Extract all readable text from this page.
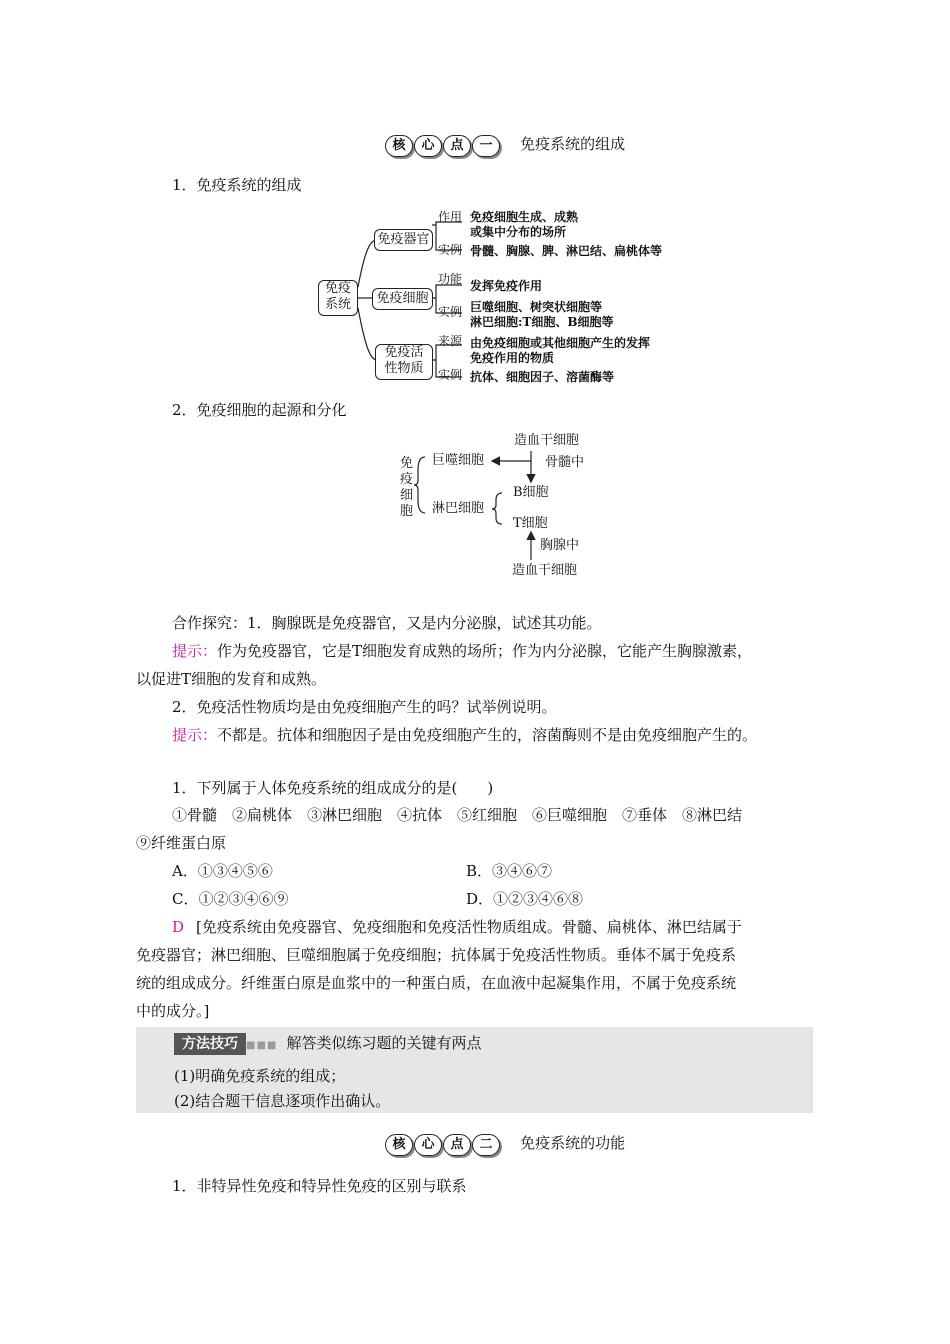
核 心 点 一 免疫系统的组成
1．免疫系统的组成
免疫
系统
免疫器官
免疫细胞
免疫活
性物质
作用 免疫细胞生成、成熟
或集中分布的场所
实例 骨髓、胸腺、脾、淋巴结、扁桃体等
功能 发挥免疫作用
实例 巨噬细胞、树突状细胞等
淋巴细胞:T细胞、B细胞等
来源 由免疫细胞或其他细胞产生的发挥
免疫作用的物质
实例 抗体、细胞因子、溶菌酶等
2．免疫细胞的起源和分化
免
疫
细
胞
巨噬细胞
淋巴细胞
造血干细胞
骨髓中
B细胞
T细胞
胸腺中
造血干细胞
合作探究：1．胸腺既是免疫器官，又是内分泌腺，试述其功能。
提示：作为免疫器官，它是T细胞发育成熟的场所；作为内分泌腺，它能产生胸腺激素，
以促进T细胞的发育和成熟。
2．免疫活性物质均是由免疫细胞产生的吗？试举例说明。
提示：不都是。抗体和细胞因子是由免疫细胞产生的，溶菌酶则不是由免疫细胞产生的。
1．下列属于人体免疫系统的组成成分的是(　　)
①骨髓　②扁桃体　③淋巴细胞　④抗体　⑤红细胞　⑥巨噬细胞　⑦垂体　⑧淋巴结
⑨纤维蛋白原
A．①③④⑤⑥	B．③④⑥⑦
C．①②③④⑥⑨	D．①②③④⑥⑧
D [免疫系统由免疫器官、免疫细胞和免疫活性物质组成。骨髓、扁桃体、淋巴结属于
免疫器官；淋巴细胞、巨噬细胞属于免疫细胞；抗体属于免疫活性物质。垂体不属于免疫系
统的组成成分。纤维蛋白原是血浆中的一种蛋白质，在血液中起凝集作用，不属于免疫系统
中的成分。]
方法技巧 ■■■ 解答类似练习题的关键有两点
(1)明确免疫系统的组成；
(2)结合题干信息逐项作出确认。
核 心 点 二 免疫系统的功能
1．非特异性免疫和特异性免疫的区别与联系
